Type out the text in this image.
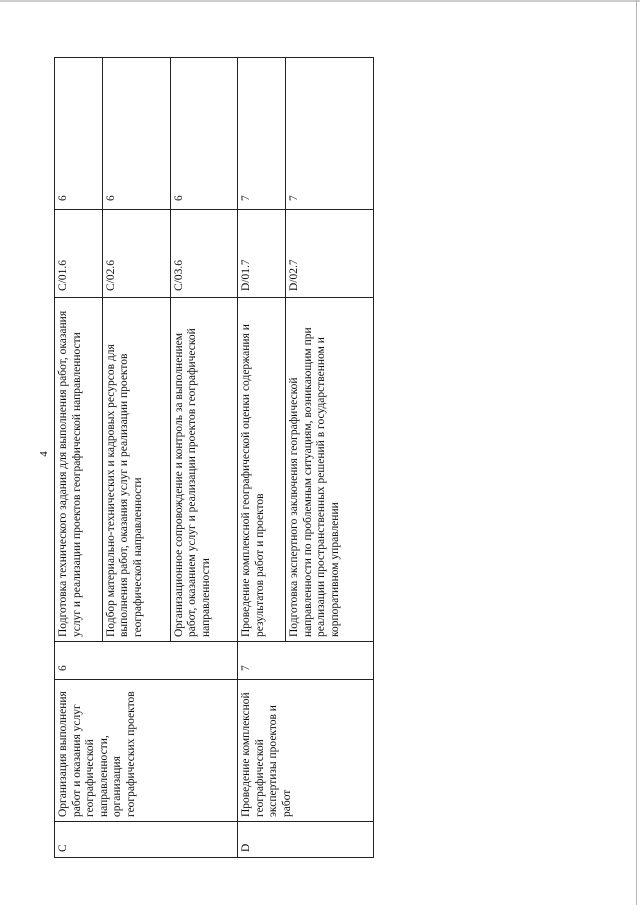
4
C	Организация выполнения работ и оказания услуг географической направленности, организация географических проектов	6	Подготовка технического задания для выполнения работ, оказания услуг и реализации проектов географической направленности	C/01.6	6
			Подбор материально-технических и кадровых ресурсов для выполнения работ, оказания услуг и реализации проектов географической направленности	C/02.6	6
			Организационное сопровождение и контроль за выполнением работ, оказанием услуг и реализации проектов географической направленности	C/03.6	6
D	Проведение комплексной географической экспертизы проектов и работ	7	Проведение комплексной географической оценки содержания и результатов работ и проектов	D/01.7	7
			Подготовка экспертного заключения географической направленности по проблемным ситуациям, возникающим при реализации пространственных решений в государственном и корпоративном управлении	D/02.7	7
